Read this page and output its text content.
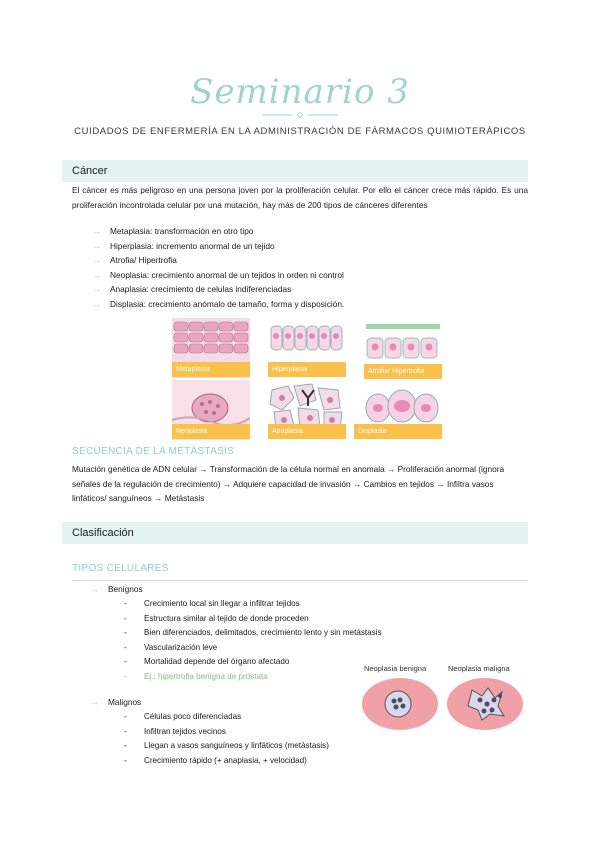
Seminario 3
CUIDADOS DE ENFERMERÍA EN LA ADMINISTRACIÓN DE FÁRMACOS QUIMIOTERÁPICOS
Cáncer
El cáncer es más peligroso en una persona joven por la proliferación celular. Por ello el cáncer crece más rápido. Es una proliferación incontrolada celular por una mutación, hay más de 200 tipos de cánceres diferentes
→ Metaplasia: transformación en otro tipo
→ Hiperplasia: incremento anormal de un tejido
→ Atrofia/ Hipertrofia
→ Neoplasia: crecimiento anormal de un tejidos in orden ni control
→ Anaplasia: crecimiento de celulas indiferenciadas
→ Displasia: crecimiento anómalo de tamaño, forma y disposición.
Metaplasia	Hiperplasia	Atrofia/ Hipertrofia
Neoplasia	Anaplasia	Displasia
SECUENCIA DE LA METÁSTASIS
Mutación genética de ADN celular → Transformación de la célula normal en anomala → Proliferación anormal (ignora señales de la regulación de crecimiento) → Adquiere capacidad de invasión → Cambios en tejidos → Infiltra vasos linfáticos/ sanguíneos → Metástasis
Clasificación
TIPOS CELULARES
→ Benignos
- Crecimiento local sin llegar a infiltrar tejidos
- Estructura similar al tejido de donde proceden
- Bien diferenciados, delimitados, crecimiento lento y sin metástasis
- Vascularización leve
- Mortalidad depende del órgano afectado
- Ej.: hipertrofia benigna de próstata
→ Malignos
- Células poco diferenciadas
- Infiltran tejidos vecinos
- Llegan a vasos sanguíneos y linfáticos (metástasis)
- Crecimiento rápido (+ anaplasia, + velocidad)
Neoplasia benigna	Neoplasia maligna
